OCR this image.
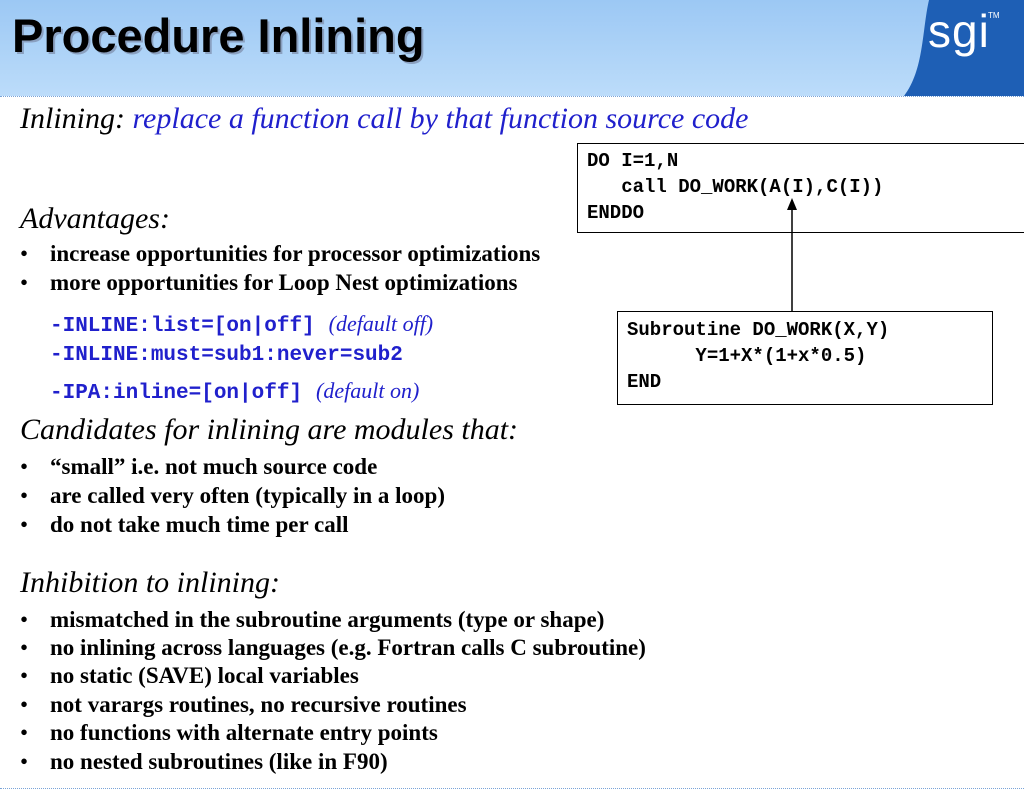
Procedure Inlining	sgi
TM
Inlining: replace a function call by that function source code
DO I=1,N
call DO_WORK(A(I),C(I))
ENDDO
Subroutine DO_WORK(X,Y)
Y=1+X*(1+x*0.5)
END
Advantages:
• increase opportunities for processor optimizations
• more opportunities for Loop Nest optimizations
-INLINE:list=[on|off] (default off)
-INLINE:must=sub1:never=sub2
-IPA:inline=[on|off] (default on)
Candidates for inlining are modules that:
• “small” i.e. not much source code
• are called very often (typically in a loop)
• do not take much time per call
Inhibition to inlining:
• mismatched in the subroutine arguments (type or shape)
• no inlining across languages (e.g. Fortran calls C subroutine)
• no static (SAVE) local variables
• not varargs routines, no recursive routines
• no functions with alternate entry points
• no nested subroutines (like in F90)
